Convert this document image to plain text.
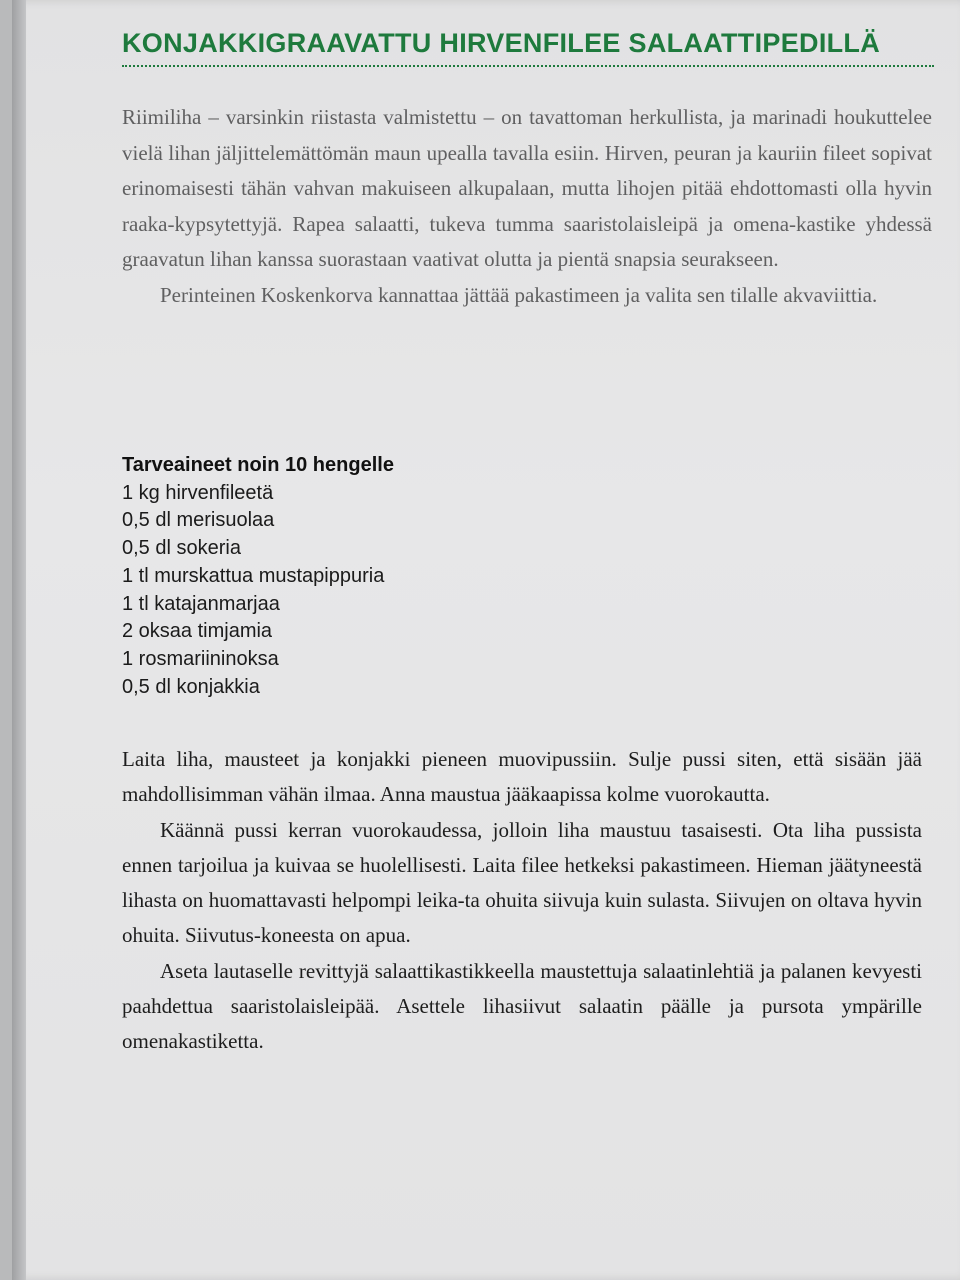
KONJAKKIGRAAVATTU HIRVENFILEE SALAATTIPEDILLÄ

Riimiliha – varsinkin riistasta valmistettu – on tavattoman herkullista, ja marinadi houkuttelee vielä lihan jäljittelemättömän maun upealla tavalla esiin. Hirven, peuran ja kauriin fileet sopivat erinomaisesti tähän vahvan makuiseen alkupalaan, mutta lihojen pitää ehdottomasti olla hyvin raaka-kypsytettyjä. Rapea salaatti, tukeva tumma saaristolaisleipä ja omena-kastike yhdessä graavatun lihan kanssa suorastaan vaativat olutta ja pientä snapsia seurakseen.

Perinteinen Koskenkorva kannattaa jättää pakastimeen ja valita sen tilalle akvaviittia.

Tarveaineet noin 10 hengelle
1 kg hirvenfileetä
0,5 dl merisuolaa
0,5 dl sokeria
1 tl murskattua mustapippuria
1 tl katajanmarjaa
2 oksaa timjamia
1 rosmariininoksa
0,5 dl konjakkia

Laita liha, mausteet ja konjakki pieneen muovipussiin. Sulje pussi siten, että sisään jää mahdollisimman vähän ilmaa. Anna maustua jääkaapissa kolme vuorokautta.

Käännä pussi kerran vuorokaudessa, jolloin liha maustuu tasaisesti. Ota liha pussista ennen tarjoilua ja kuivaa se huolellisesti. Laita filee hetkeksi pakastimeen. Hieman jäätyneestä lihasta on huomattavasti helpompi leika-ta ohuita siivuja kuin sulasta. Siivujen on oltava hyvin ohuita. Siivutus-koneesta on apua.

Aseta lautaselle revittyjä salaattikastikkeella maustettuja salaatinlehtiä ja palanen kevyesti paahdettua saaristolaisleipää. Asettele lihasiivut salaatin päälle ja pursota ympärille omenakastiketta.
